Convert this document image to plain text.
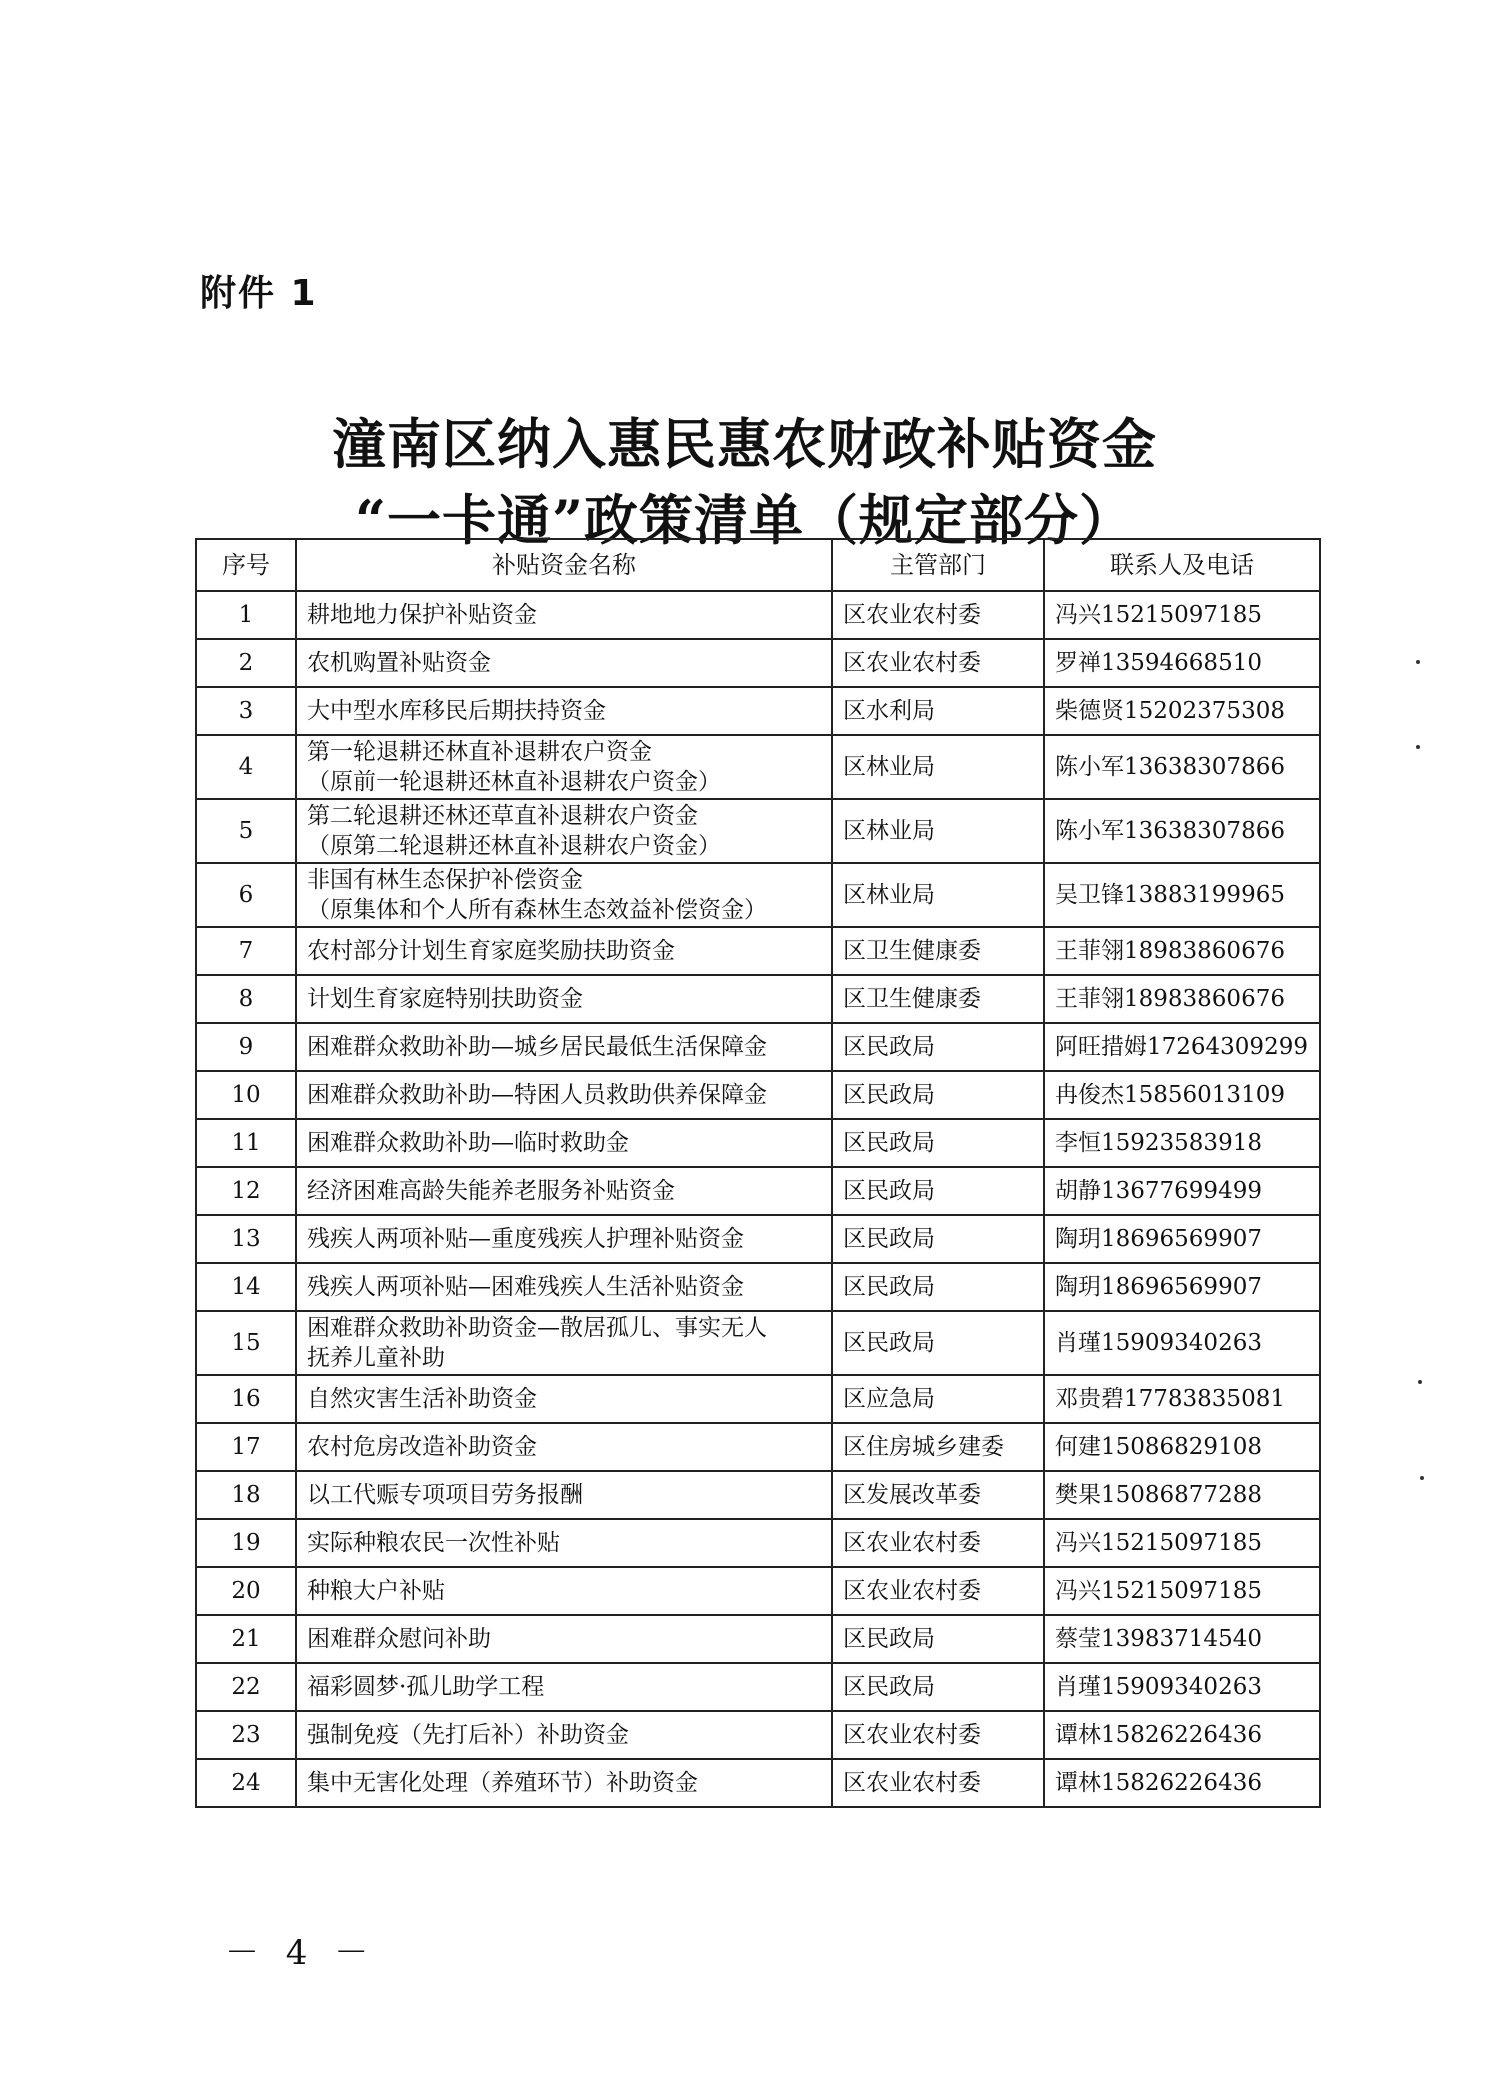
附件 1
潼南区纳入惠民惠农财政补贴资金
“一卡通”政策清单（规定部分）
序号	补贴资金名称	主管部门	联系人及电话
1	耕地地力保护补贴资金	区农业农村委	冯兴15215097185
2	农机购置补贴资金	区农业农村委	罗禅13594668510
3	大中型水库移民后期扶持资金	区水利局	柴德贤15202375308
4	第一轮退耕还林直补退耕农户资金
（原前一轮退耕还林直补退耕农户资金）	区林业局	陈小军13638307866
5	第二轮退耕还林还草直补退耕农户资金
（原第二轮退耕还林直补退耕农户资金）	区林业局	陈小军13638307866
6	非国有林生态保护补偿资金
（原集体和个人所有森林生态效益补偿资金）	区林业局	吴卫锋13883199965
7	农村部分计划生育家庭奖励扶助资金	区卫生健康委	王菲翎18983860676
8	计划生育家庭特别扶助资金	区卫生健康委	王菲翎18983860676
9	困难群众救助补助—城乡居民最低生活保障金	区民政局	阿旺措姆17264309299
10	困难群众救助补助—特困人员救助供养保障金	区民政局	冉俊杰15856013109
11	困难群众救助补助—临时救助金	区民政局	李恒15923583918
12	经济困难高龄失能养老服务补贴资金	区民政局	胡静13677699499
13	残疾人两项补贴—重度残疾人护理补贴资金	区民政局	陶玥18696569907
14	残疾人两项补贴—困难残疾人生活补贴资金	区民政局	陶玥18696569907
15	困难群众救助补助资金—散居孤儿、事实无人
抚养儿童补助	区民政局	肖瑾15909340263
16	自然灾害生活补助资金	区应急局	邓贵碧17783835081
17	农村危房改造补助资金	区住房城乡建委	何建15086829108
18	以工代赈专项项目劳务报酬	区发展改革委	樊果15086877288
19	实际种粮农民一次性补贴	区农业农村委	冯兴15215097185
20	种粮大户补贴	区农业农村委	冯兴15215097185
21	困难群众慰问补助	区民政局	蔡莹13983714540
22	福彩圆梦·孤儿助学工程	区民政局	肖瑾15909340263
23	强制免疫（先打后补）补助资金	区农业农村委	谭林15826226436
24	集中无害化处理（养殖环节）补助资金	区农业农村委	谭林15826226436
－ 4 －
